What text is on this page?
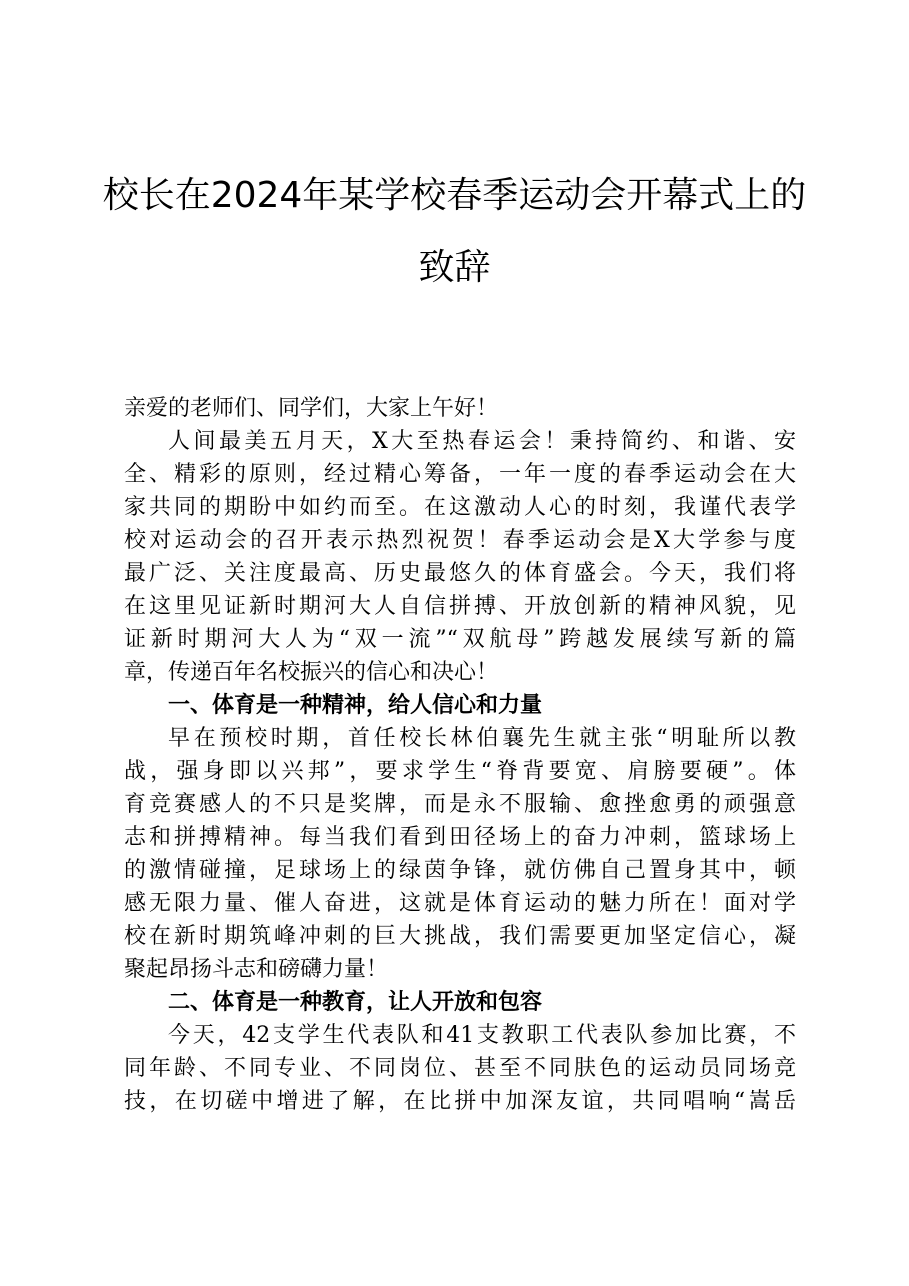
校长在2024年某学校春季运动会开幕式上的
致辞
亲爱的老师们、同学们，大家上午好！
人间最美五月天，X大至热春运会！秉持简约、和谐、安
全、精彩的原则，经过精心筹备，一年一度的春季运动会在大
家共同的期盼中如约而至。在这激动人心的时刻，我谨代表学
校对运动会的召开表示热烈祝贺！春季运动会是X大学参与度
最广泛、关注度最高、历史最悠久的体育盛会。今天，我们将
在这里见证新时期河大人自信拼搏、开放创新的精神风貌，见
证新时期河大人为“双一流”“双航母”跨越发展续写新的篇
章，传递百年名校振兴的信心和决心！
一、体育是一种精神，给人信心和力量
早在预校时期，首任校长林伯襄先生就主张“明耻所以教
战，强身即以兴邦”，要求学生“脊背要宽、肩膀要硬”。体
育竞赛感人的不只是奖牌，而是永不服输、愈挫愈勇的顽强意
志和拼搏精神。每当我们看到田径场上的奋力冲刺，篮球场上
的激情碰撞，足球场上的绿茵争锋，就仿佛自己置身其中，顿
感无限力量、催人奋进，这就是体育运动的魅力所在！面对学
校在新时期筑峰冲刺的巨大挑战，我们需要更加坚定信心，凝
聚起昂扬斗志和磅礴力量！
二、体育是一种教育，让人开放和包容
今天，42支学生代表队和41支教职工代表队参加比赛，不
同年龄、不同专业、不同岗位、甚至不同肤色的运动员同场竞
技，在切磋中增进了解，在比拼中加深友谊，共同唱响“嵩岳
